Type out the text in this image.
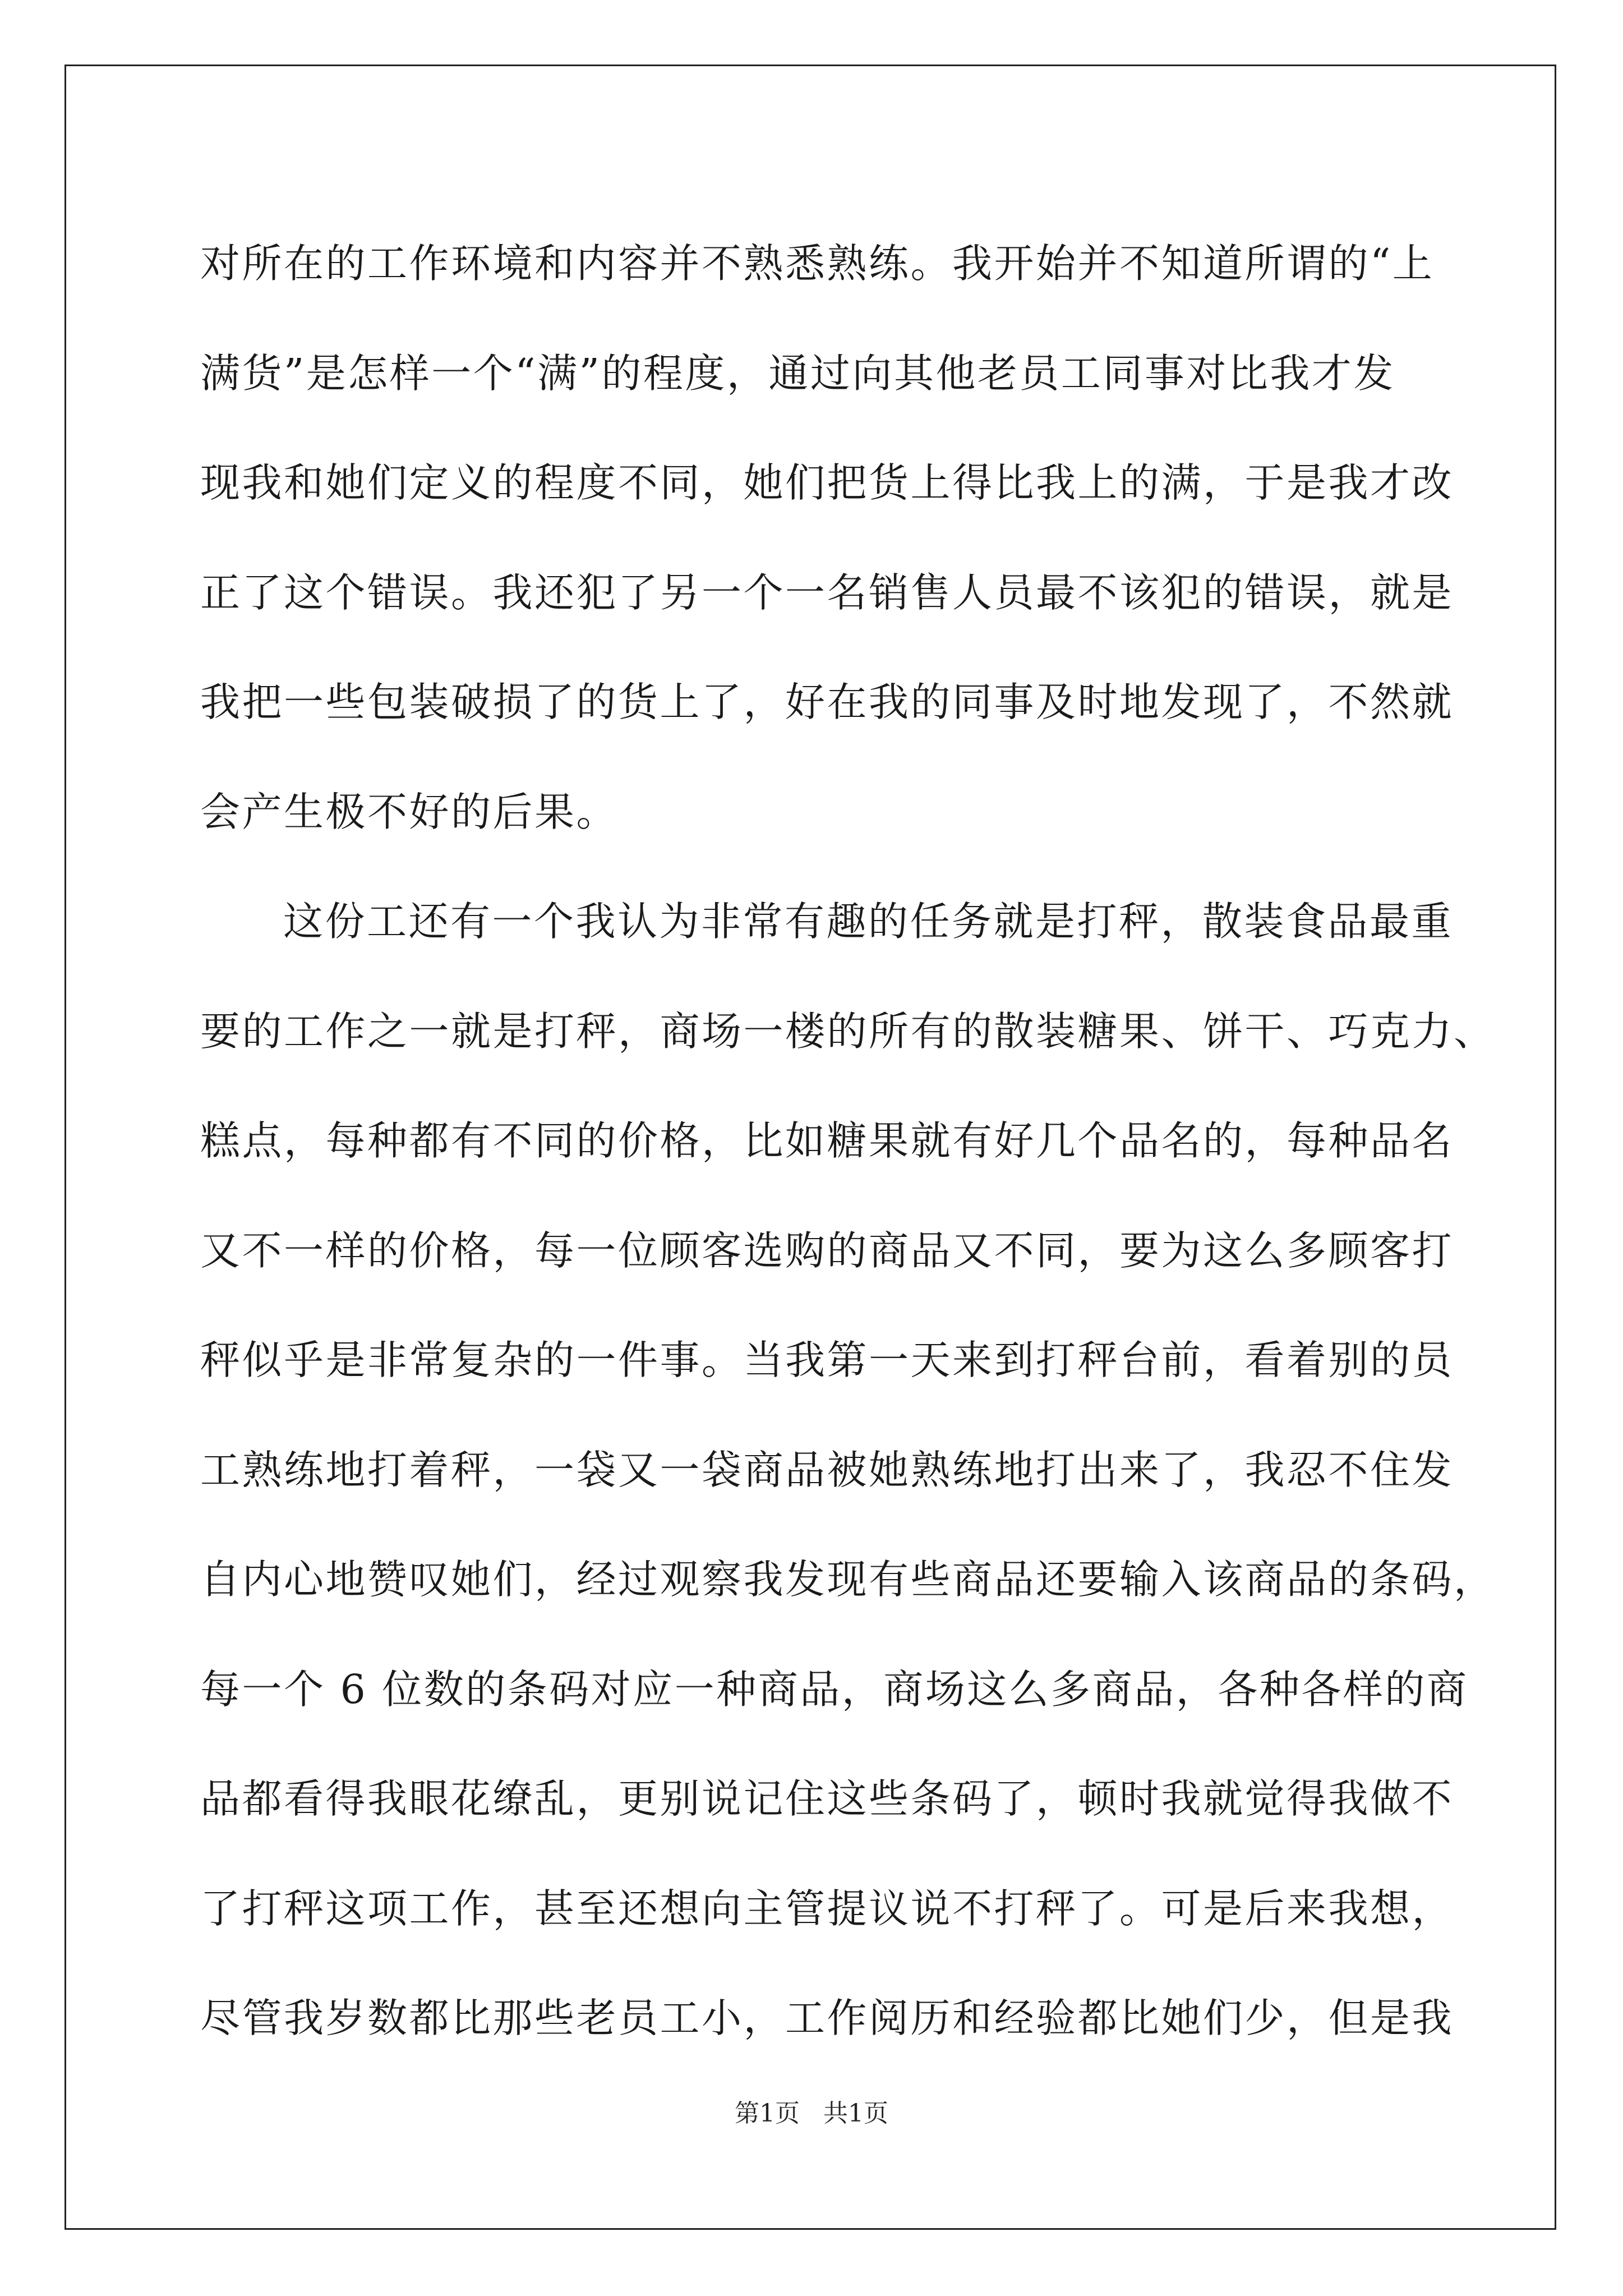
对所在的工作环境和内容并不熟悉熟练。我开始并不知道所谓的“上
满货”是怎样一个“满”的程度，通过向其他老员工同事对比我才发
现我和她们定义的程度不同，她们把货上得比我上的满，于是我才改
正了这个错误。我还犯了另一个一名销售人员最不该犯的错误，就是
我把一些包装破损了的货上了，好在我的同事及时地发现了，不然就
会产生极不好的后果。
这份工还有一个我认为非常有趣的任务就是打秤，散装食品最重
要的工作之一就是打秤，商场一楼的所有的散装糖果、饼干、巧克力、
糕点，每种都有不同的价格，比如糖果就有好几个品名的，每种品名
又不一样的价格，每一位顾客选购的商品又不同，要为这么多顾客打
秤似乎是非常复杂的一件事。当我第一天来到打秤台前，看着别的员
工熟练地打着秤，一袋又一袋商品被她熟练地打出来了，我忍不住发
自内心地赞叹她们，经过观察我发现有些商品还要输入该商品的条码，
每一个 6 位数的条码对应一种商品，商场这么多商品，各种各样的商
品都看得我眼花缭乱，更别说记住这些条码了，顿时我就觉得我做不
了打秤这项工作，甚至还想向主管提议说不打秤了。可是后来我想，
尽管我岁数都比那些老员工小，工作阅历和经验都比她们少，但是我
第1页   共1页
